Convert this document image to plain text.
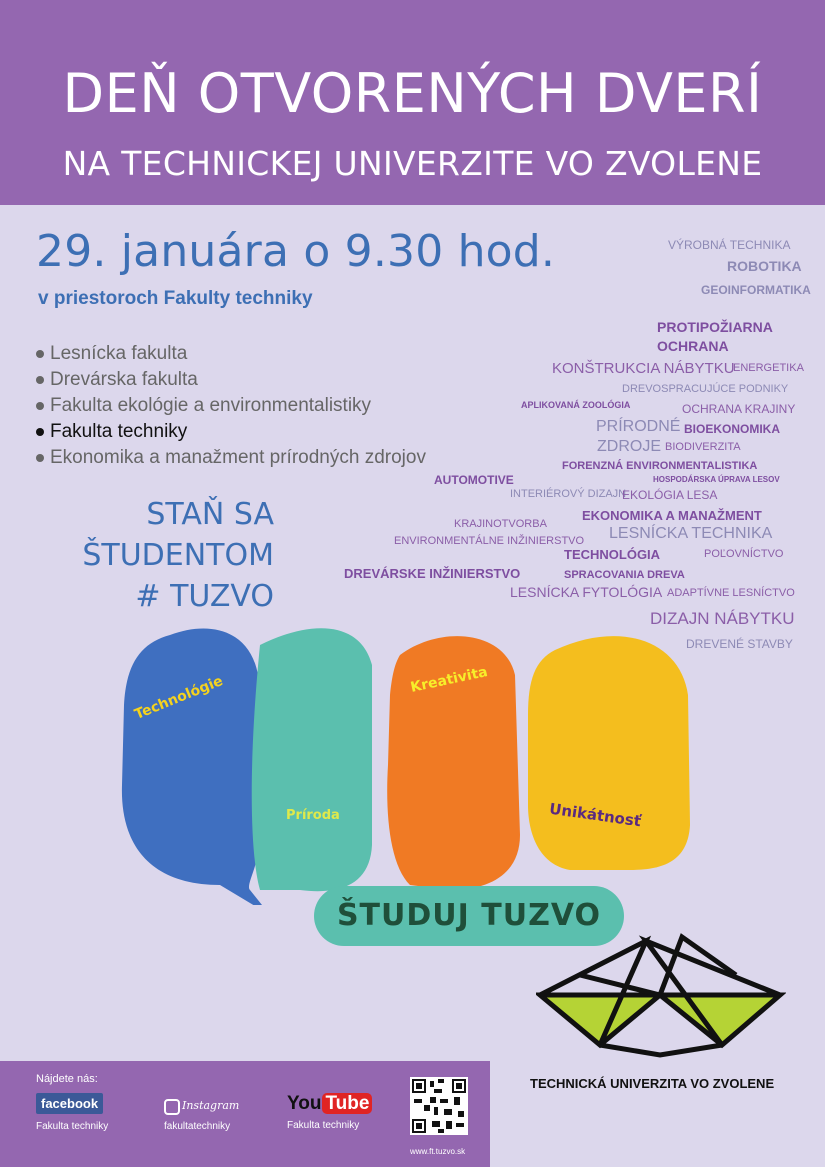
DEŇ OTVORENÝCH DVERÍ
NA TECHNICKEJ UNIVERZITE VO ZVOLENE
29. januára o 9.30 hod.
v priestoroch Fakulty techniky
Lesnícka fakulta
Drevárska fakulta
Fakulta ekológie a environmentalistiky
Fakulta techniky
Ekonomika a manažment prírodných zdrojov
STAŇ SA
ŠTUDENTOM
# TUZVO
VÝROBNÁ TECHNIKA
ROBOTIKA
GEOINFORMATIKA
PROTIPOŽIARNA
OCHRANA
KONŠTRUKCIA NÁBYTKU
ENERGETIKA
DREVOSPRACUJÚCE PODNIKY
APLIKOVANÁ ZOOLÓGIA	OCHRANA KRAJINY
PRÍRODNÉ BIOEKONOMIKA
ZDROJE BIODIVERZITA
FORENZNÁ ENVIRONMENTALISTIKA
AUTOMOTIVE	HOSPODÁRSKA ÚPRAVA LESOV
INTERIÉROVÝ DIZAJN
EKOLÓGIA LESA
EKONOMIKA A MANAŽMENT
KRAJINOTVORBA
LESNÍCKA TECHNIKA
ENVIRONMENTÁLNE INŽINIERSTVO
TECHNOLÓGIA	POĽOVNÍCTVO
DREVÁRSKE INŽINIERSTVO	SPRACOVANIA DREVA
LESNÍCKA FYTOLÓGIA ADAPTÍVNE LESNÍCTVO
DIZAJN NÁBYTKU
DREVENÉ STAVBY
Technológie
Príroda
Kreativita
Unikátnosť
ŠTUDUJ TUZVO
TECHNICKÁ UNIVERZITA VO ZVOLENE
Nájdete nás:
facebook
Fakulta techniky
Instagram
fakultatechniky
You Tube
Fakulta techniky
www.ft.tuzvo.sk
